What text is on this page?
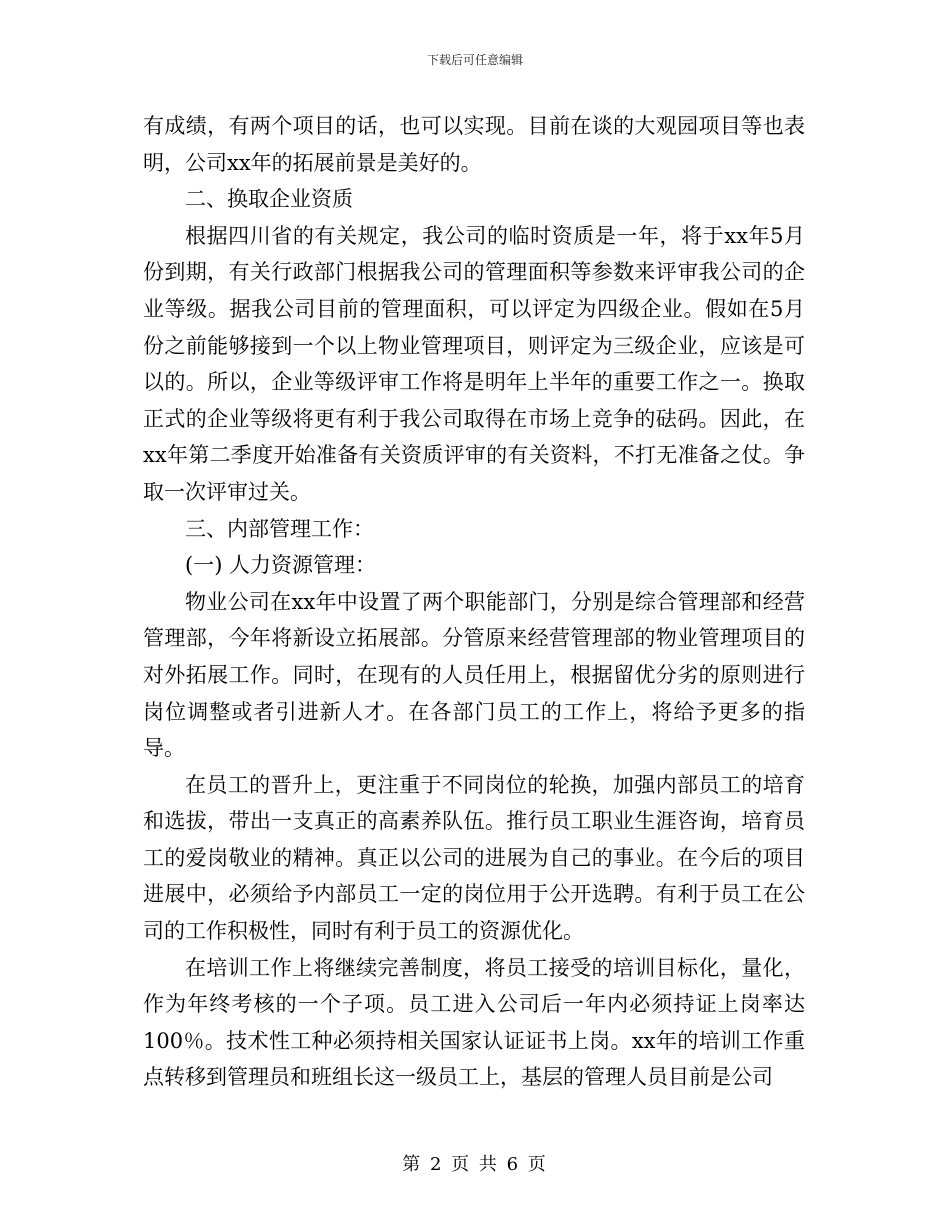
下载后可任意编辑

有成绩，有两个项目的话，也可以实现。目前在谈的大观园项目等也表明，公司xx年的拓展前景是美好的。

二、换取企业资质

根据四川省的有关规定，我公司的临时资质是一年，将于xx年5月份到期，有关行政部门根据我公司的管理面积等参数来评审我公司的企业等级。据我公司目前的管理面积，可以评定为四级企业。假如在5月份之前能够接到一个以上物业管理项目，则评定为三级企业，应该是可以的。所以，企业等级评审工作将是明年上半年的重要工作之一。换取正式的企业等级将更有利于我公司取得在市场上竞争的砝码。因此，在xx年第二季度开始准备有关资质评审的有关资料，不打无准备之仗。争取一次评审过关。

三、内部管理工作：

(一) 人力资源管理：

物业公司在xx年中设置了两个职能部门，分别是综合管理部和经营管理部，今年将新设立拓展部。分管原来经营管理部的物业管理项目的对外拓展工作。同时，在现有的人员任用上，根据留优分劣的原则进行岗位调整或者引进新人才。在各部门员工的工作上，将给予更多的指导。

在员工的晋升上，更注重于不同岗位的轮换，加强内部员工的培育和选拔，带出一支真正的高素养队伍。推行员工职业生涯咨询，培育员工的爱岗敬业的精神。真正以公司的进展为自己的事业。在今后的项目进展中，必须给予内部员工一定的岗位用于公开选聘。有利于员工在公司的工作积极性，同时有利于员工的资源优化。

在培训工作上将继续完善制度，将员工接受的培训目标化，量化，作为年终考核的一个子项。员工进入公司后一年内必须持证上岗率达100％。技术性工种必须持相关国家认证证书上岗。xx年的培训工作重点转移到管理员和班组长这一级员工上，基层的管理人员目前是公司

第 2 页 共 6 页
